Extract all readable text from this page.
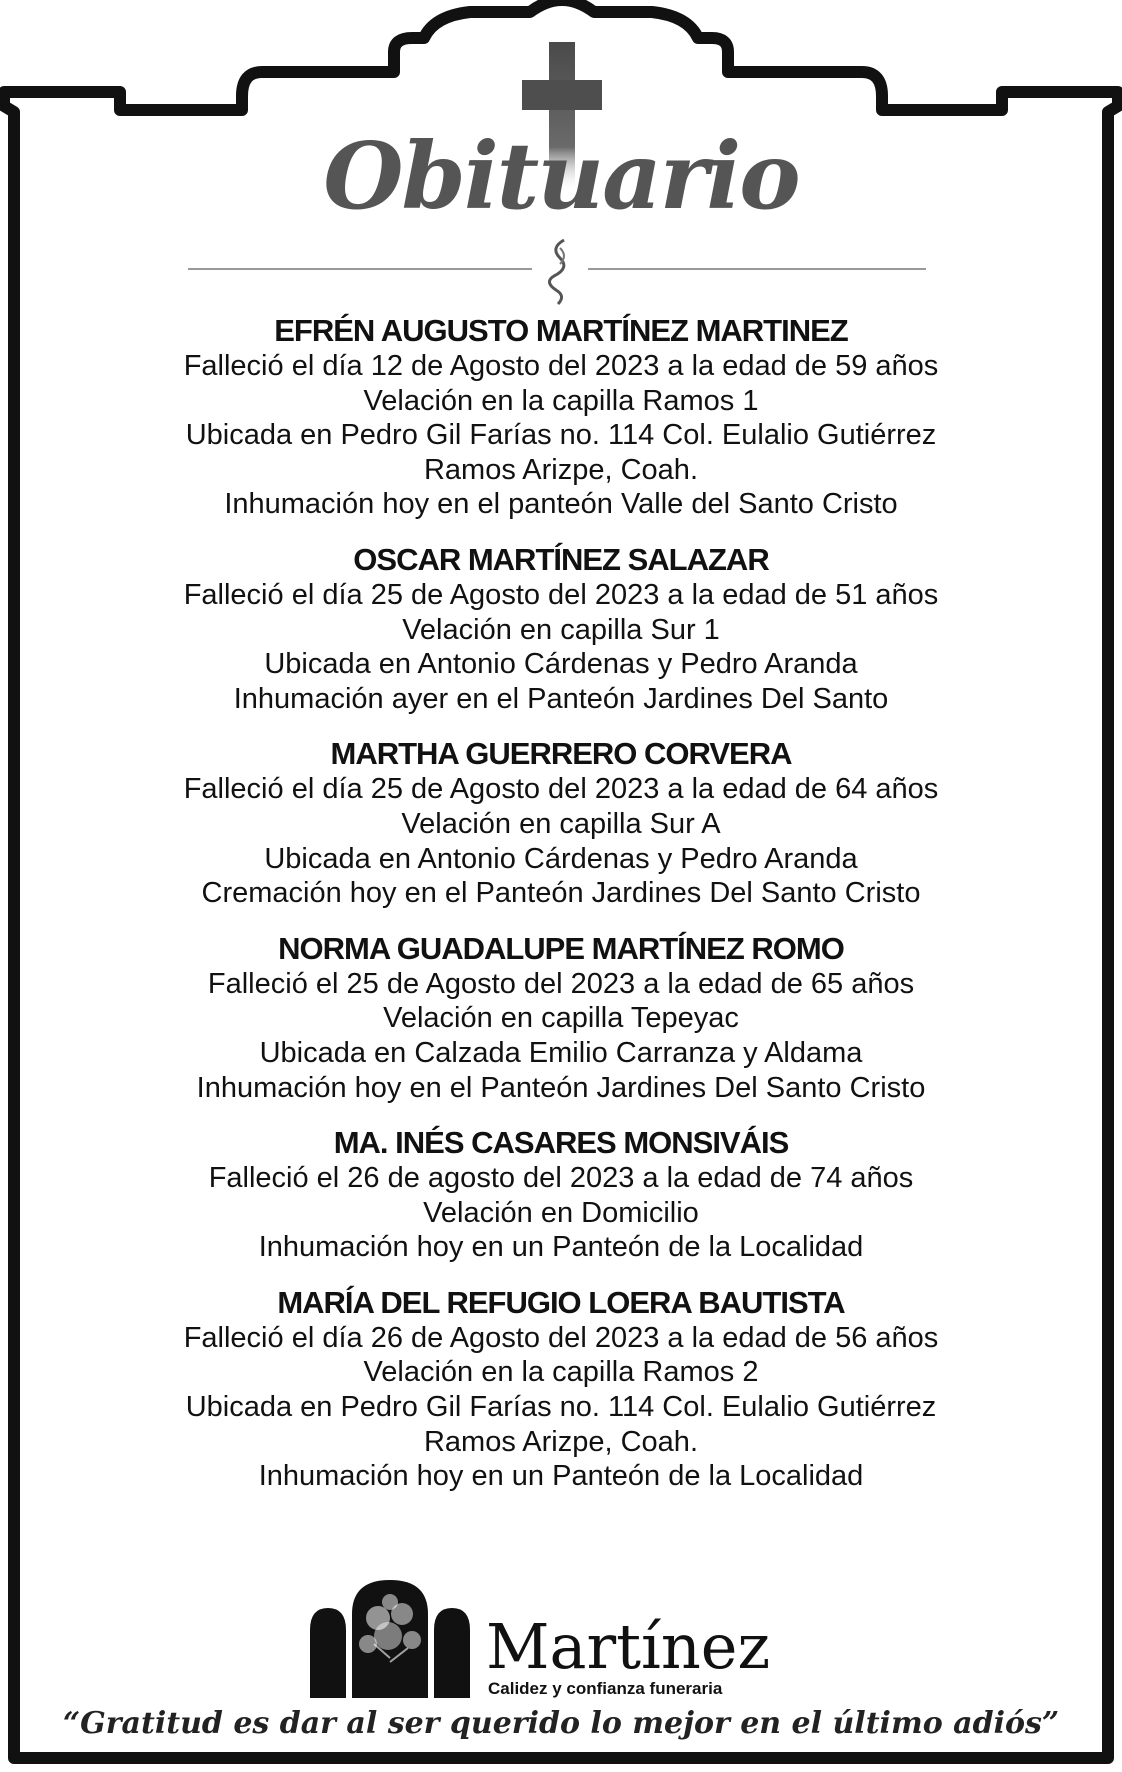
Obituario

EFRÉN AUGUSTO MARTÍNEZ MARTINEZ

Falleció el día 12 de Agosto del 2023 a la edad de 59 años

Velación en la capilla Ramos 1

Ubicada en Pedro Gil Farías no. 114 Col. Eulalio Gutiérrez

Ramos Arizpe, Coah.

Inhumación hoy en el panteón Valle del Santo Cristo

OSCAR MARTÍNEZ SALAZAR

Falleció el día 25 de Agosto del 2023 a la edad de 51 años

Velación en capilla Sur 1

Ubicada en Antonio Cárdenas y Pedro Aranda

Inhumación ayer en el Panteón Jardines Del Santo

MARTHA GUERRERO CORVERA

Falleció el día 25 de Agosto del 2023 a la edad de 64 años

Velación en capilla Sur A

Ubicada en Antonio Cárdenas y Pedro Aranda

Cremación hoy en el Panteón Jardines Del Santo Cristo

NORMA GUADALUPE MARTÍNEZ ROMO

Falleció el 25 de Agosto del 2023 a la edad de 65 años

Velación en capilla Tepeyac

Ubicada en Calzada Emilio Carranza y Aldama

Inhumación hoy en el Panteón Jardines Del Santo Cristo

MA. INÉS CASARES MONSIVÁIS

Falleció el 26 de agosto del 2023 a la edad de 74 años

Velación en Domicilio

Inhumación hoy en un Panteón de la Localidad

MARÍA DEL REFUGIO LOERA BAUTISTA

Falleció el día 26 de Agosto del 2023 a la edad de 56 años

Velación en la capilla Ramos 2

Ubicada en Pedro Gil Farías no. 114 Col. Eulalio Gutiérrez

Ramos Arizpe, Coah.

Inhumación hoy en un Panteón de la Localidad

Martínez
Calidez y confianza funeraria
“Gratitud es dar al ser querido lo mejor en el último adiós”
